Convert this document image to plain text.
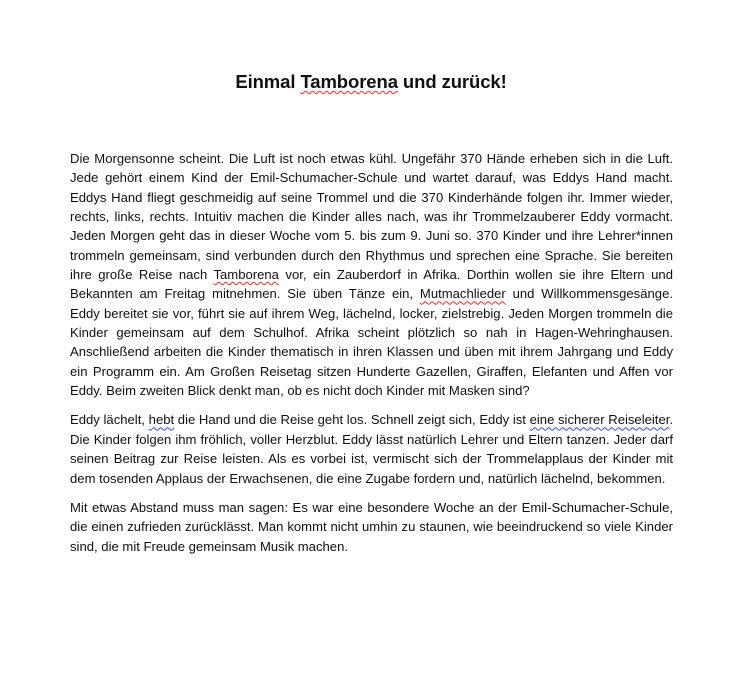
Einmal Tamborena und zurück!

Die Morgensonne scheint. Die Luft ist noch etwas kühl. Ungefähr 370 Hände erheben sich in die Luft. Jede gehört einem Kind der Emil-Schumacher-Schule und wartet darauf, was Eddys Hand macht. Eddys Hand fliegt geschmeidig auf seine Trommel und die 370 Kinderhände folgen ihr. Immer wieder, rechts, links, rechts. Intuitiv machen die Kinder alles nach, was ihr Trommelzauberer Eddy vormacht. Jeden Morgen geht das in dieser Woche vom 5. bis zum 9. Juni so. 370 Kinder und ihre Lehrer*innen trommeln gemeinsam, sind verbunden durch den Rhythmus und sprechen eine Sprache. Sie bereiten ihre große Reise nach Tamborena vor, ein Zauberdorf in Afrika. Dorthin wollen sie ihre Eltern und Bekannten am Freitag mitnehmen. Sie üben Tänze ein, Mutmachlieder und Willkommensgesänge. Eddy bereitet sie vor, führt sie auf ihrem Weg, lächelnd, locker, zielstrebig. Jeden Morgen trommeln die Kinder gemeinsam auf dem Schulhof. Afrika scheint plötzlich so nah in Hagen-Wehringhausen. Anschließend arbeiten die Kinder thematisch in ihren Klassen und üben mit ihrem Jahrgang und Eddy ein Programm ein. Am Großen Reisetag sitzen Hunderte Gazellen, Giraffen, Elefanten und Affen vor Eddy. Beim zweiten Blick denkt man, ob es nicht doch Kinder mit Masken sind?

Eddy lächelt, hebt die Hand und die Reise geht los. Schnell zeigt sich, Eddy ist eine sicherer Reiseleiter. Die Kinder folgen ihm fröhlich, voller Herzblut. Eddy lässt natürlich Lehrer und Eltern tanzen. Jeder darf seinen Beitrag zur Reise leisten. Als es vorbei ist, vermischt sich der Trommelapplaus der Kinder mit dem tosenden Applaus der Erwachsenen, die eine Zugabe fordern und, natürlich lächelnd, bekommen.

Mit etwas Abstand muss man sagen: Es war eine besondere Woche an der Emil-Schumacher-Schule, die einen zufrieden zurücklässt. Man kommt nicht umhin zu staunen, wie beeindruckend so viele Kinder sind, die mit Freude gemeinsam Musik machen.
